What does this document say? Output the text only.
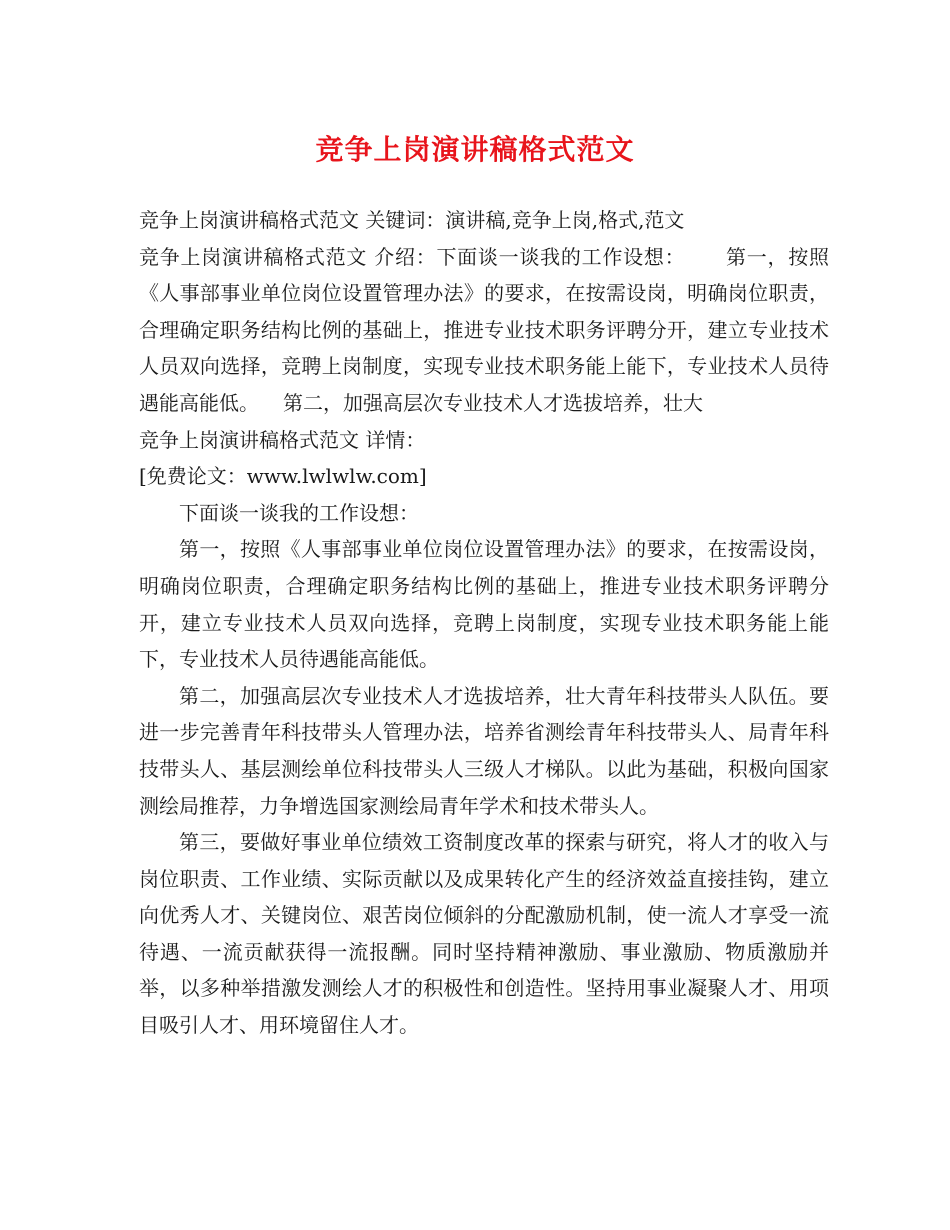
竞争上岗演讲稿格式范文

竞争上岗演讲稿格式范文 关键词：演讲稿,竞争上岗,格式,范文

竞争上岗演讲稿格式范文 介绍：下面谈一谈我的工作设想： 第一，按照《人事部事业单位岗位设置管理办法》的要求，在按需设岗，明确岗位职责，合理确定职务结构比例的基础上，推进专业技术职务评聘分开，建立专业技术人员双向选择，竞聘上岗制度，实现专业技术职务能上能下，专业技术人员待遇能高能低。 第二，加强高层次专业技术人才选拔培养，壮大

竞争上岗演讲稿格式范文 详情：

[免费论文：www.lwlwlw.com]

下面谈一谈我的工作设想：

第一，按照《人事部事业单位岗位设置管理办法》的要求，在按需设岗，明确岗位职责，合理确定职务结构比例的基础上，推进专业技术职务评聘分开，建立专业技术人员双向选择，竞聘上岗制度，实现专业技术职务能上能下，专业技术人员待遇能高能低。

第二，加强高层次专业技术人才选拔培养，壮大青年科技带头人队伍。要进一步完善青年科技带头人管理办法，培养省测绘青年科技带头人、局青年科技带头人、基层测绘单位科技带头人三级人才梯队。以此为基础，积极向国家测绘局推荐，力争增选国家测绘局青年学术和技术带头人。

第三，要做好事业单位绩效工资制度改革的探索与研究，将人才的收入与岗位职责、工作业绩、实际贡献以及成果转化产生的经济效益直接挂钩，建立向优秀人才、关键岗位、艰苦岗位倾斜的分配激励机制，使一流人才享受一流待遇、一流贡献获得一流报酬。同时坚持精神激励、事业激励、物质激励并举，以多种举措激发测绘人才的积极性和创造性。坚持用事业凝聚人才、用项目吸引人才、用环境留住人才。
